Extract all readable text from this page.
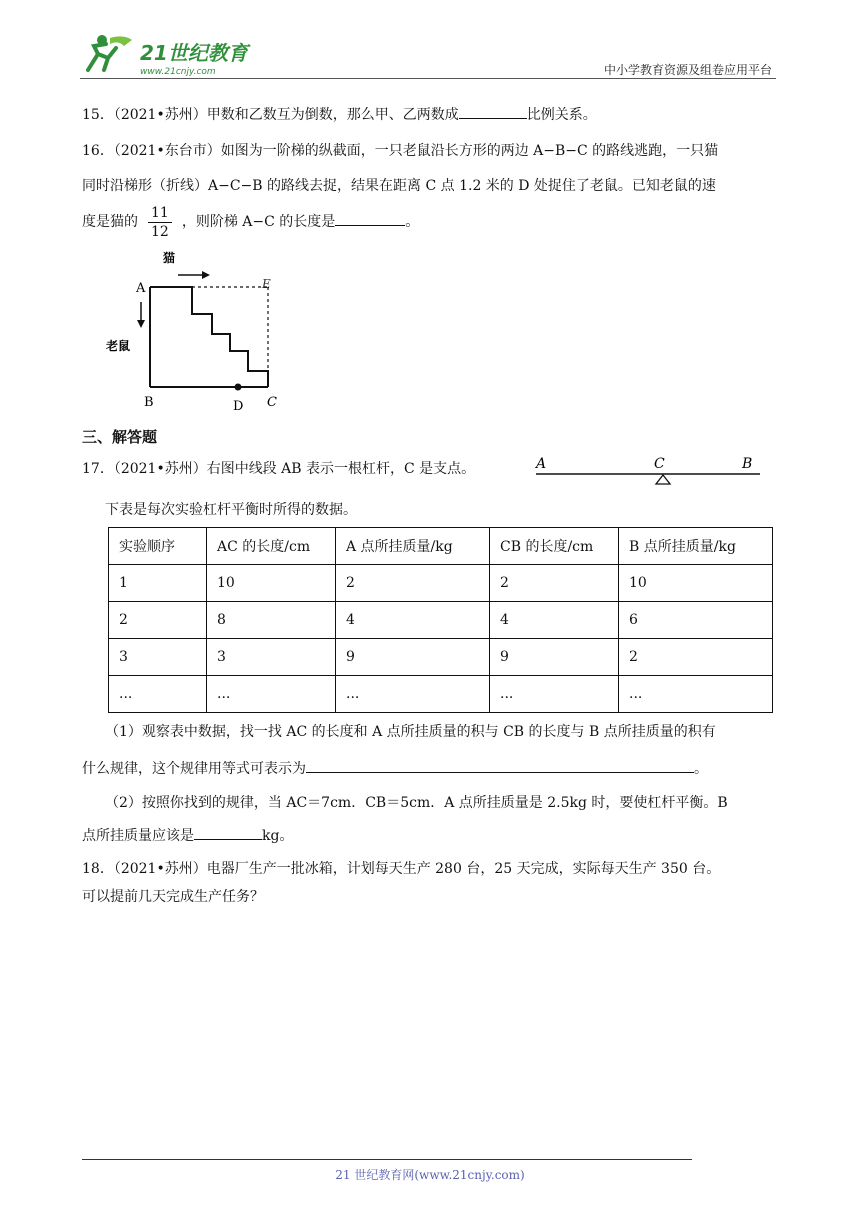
21世纪教育
www.21cnjy.com	中小学教育资源及组卷应用平台
15．（2021•苏州）甲数和乙数互为倒数，那么甲、乙两数成	比例关系。
16．（2021•东台市）如图为一阶梯的纵截面，一只老鼠沿长方形的两边 A−B−C 的路线逃跑，一只猫
同时沿梯形（折线）A−C−B 的路线去捉，结果在距离 C 点 1.2 米的 D 处捉住了老鼠。已知老鼠的速
度是猫的 $\frac{11}{12}$ ，则阶梯 A−C 的长度是	。
猫
A
老鼠
E
B	D C
三、解答题
17．（2021•苏州）右图中线段 AB 表示一根杠杆，C 是支点。	A	C	B
下表是每次实验杠杆平衡时所得的数据。
实验顺序	AC 的长度/cm	A 点所挂质量/kg	CB 的长度/cm	B 点所挂质量/kg
1	10	2	2	10
2	8	4	4	6
3	3	9	9	2
...	...	...	...	...
（1）观察表中数据，找一找 AC 的长度和 A 点所挂质量的积与 CB 的长度与 B 点所挂质量的积有
什么规律，这个规律用等式可表示为	。
（2）按照你找到的规律，当 AC＝7cm．CB＝5cm．A 点所挂质量是 2.5kg 时，要使杠杆平衡。B
点所挂质量应该是	kg。
18．（2021•苏州）电器厂生产一批冰箱，计划每天生产 280 台，25 天完成，实际每天生产 350 台。
可以提前几天完成生产任务？
21 世纪教育网(www.21cnjy.com)
